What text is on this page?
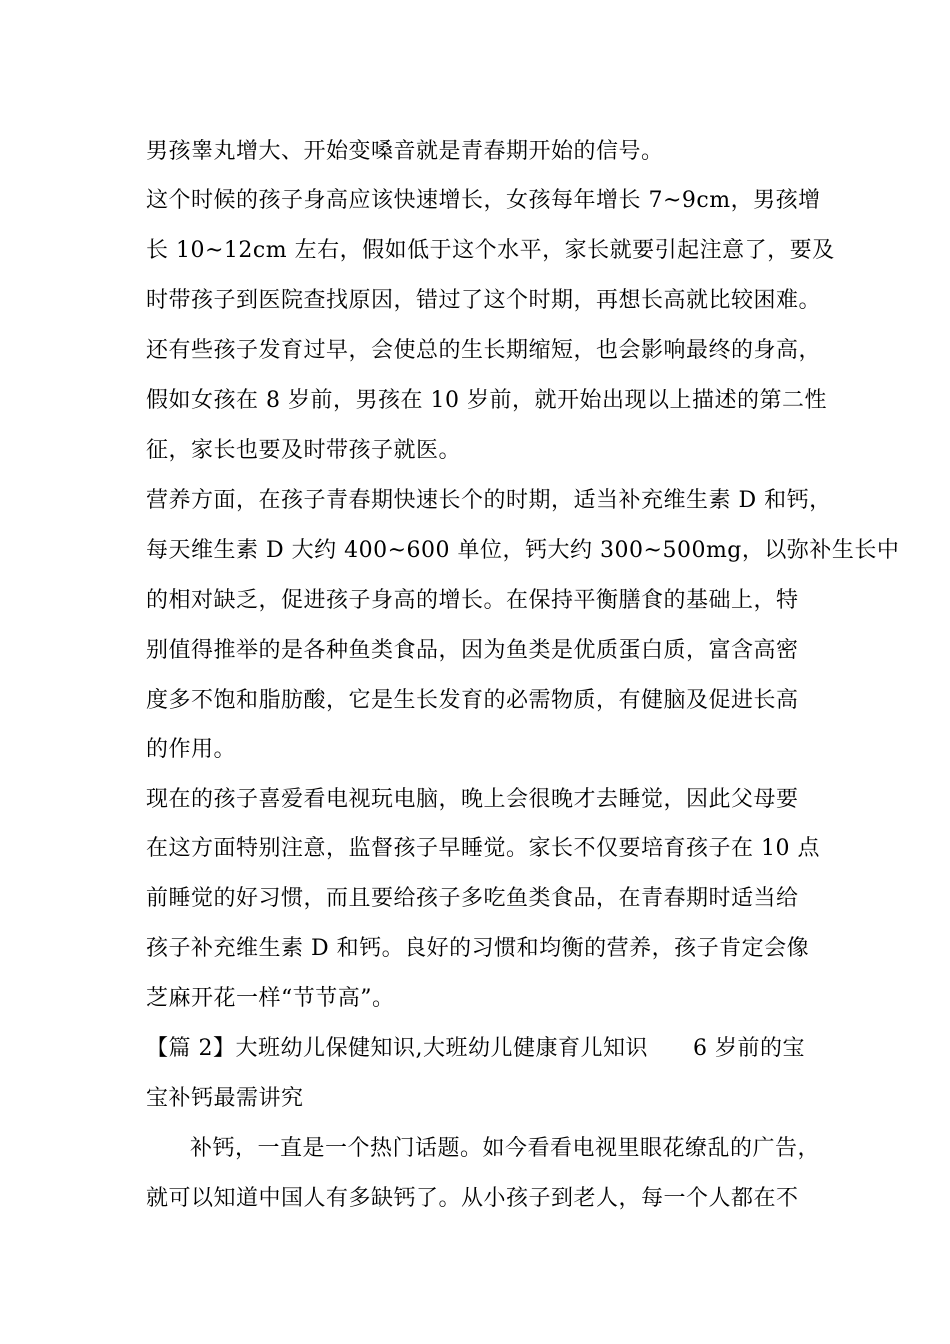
男孩睾丸增大、开始变嗓音就是青春期开始的信号。
这个时候的孩子身高应该快速增长，女孩每年增长 7~9cm，男孩增
长 10~12cm 左右，假如低于这个水平，家长就要引起注意了，要及
时带孩子到医院查找原因，错过了这个时期，再想长高就比较困难。
还有些孩子发育过早，会使总的生长期缩短，也会影响最终的身高，
假如女孩在 8 岁前，男孩在 10 岁前，就开始出现以上描述的第二性
征，家长也要及时带孩子就医。
营养方面，在孩子青春期快速长个的时期，适当补充维生素 D 和钙，
每天维生素 D 大约 400~600 单位，钙大约 300~500mg，以弥补生长中
的相对缺乏，促进孩子身高的增长。在保持平衡膳食的基础上，特
别值得推举的是各种鱼类食品，因为鱼类是优质蛋白质，富含高密
度多不饱和脂肪酸，它是生长发育的必需物质，有健脑及促进长高
的作用。
现在的孩子喜爱看电视玩电脑，晚上会很晚才去睡觉，因此父母要
在这方面特别注意，监督孩子早睡觉。家长不仅要培育孩子在 10 点
前睡觉的好习惯，而且要给孩子多吃鱼类食品，在青春期时适当给
孩子补充维生素 D 和钙。良好的习惯和均衡的营养，孩子肯定会像
芝麻开花一样“节节高”。
【篇 2】大班幼儿保健知识,大班幼儿健康育儿知识　　6 岁前的宝
宝补钙最需讲究
补钙，一直是一个热门话题。如今看看电视里眼花缭乱的广告，
就可以知道中国人有多缺钙了。从小孩子到老人，每一个人都在不
